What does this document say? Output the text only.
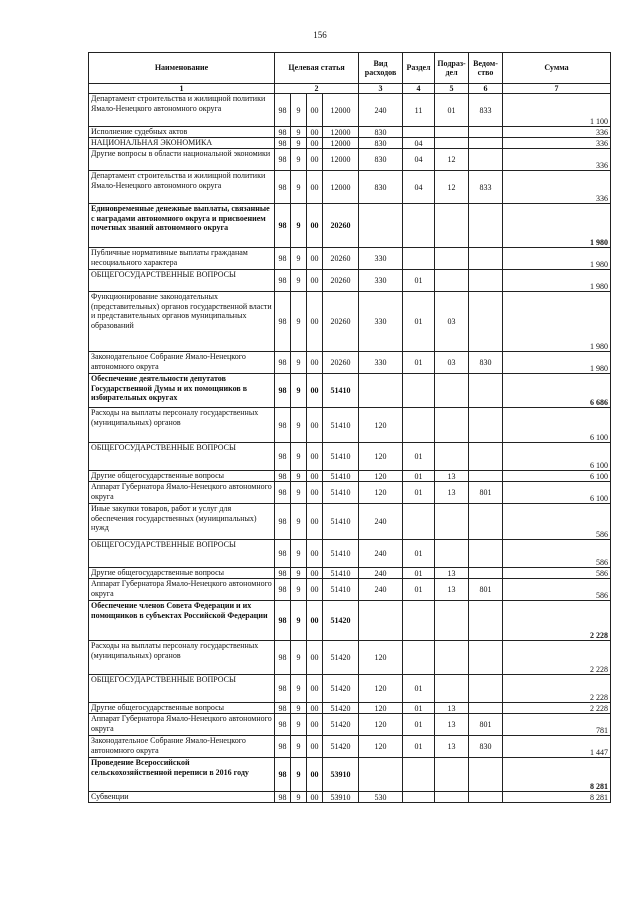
156
Наименование	Целевая статья				Вид расходов	Раздел	Подраз-дел	Ведом-ство	Сумма
1	2				3	4	5	6	7
Департамент строительства и жилищной политики Ямало-Ненецкого автономного округа	98	9	00	12000	240	11	01	833	1 100
Исполнение судебных актов	98	9	00	12000	830				336
НАЦИОНАЛЬНАЯ ЭКОНОМИКА	98	9	00	12000	830	04			336
Другие вопросы в области национальной экономики	98	9	00	12000	830	04	12		336
Департамент строительства и жилищной политики Ямало-Ненецкого автономного округа	98	9	00	12000	830	04	12	833	336
Единовременные денежные выплаты, связанные с наградами автономного округа и присвоением почетных званий автономного округа	98	9	00	20260					1 980
Публичные нормативные выплаты гражданам несоциального характера	98	9	00	20260	330				1 980
ОБЩЕГОСУДАРСТВЕННЫЕ ВОПРОСЫ	98	9	00	20260	330	01			1 980
Функционирование законодательных (представительных) органов государственной власти и представительных органов муниципальных образований	98	9	00	20260	330	01	03		1 980
Законодательное Собрание Ямало-Ненецкого автономного округа	98	9	00	20260	330	01	03	830	1 980
Обеспечение деятельности депутатов Государственной Думы и их помощников в избирательных округах	98	9	00	51410					6 686
Расходы на выплаты персоналу государственных (муниципальных) органов	98	9	00	51410	120				6 100
ОБЩЕГОСУДАРСТВЕННЫЕ ВОПРОСЫ	98	9	00	51410	120	01			6 100
Другие общегосударственные вопросы	98	9	00	51410	120	01	13		6 100
Аппарат Губернатора Ямало-Ненецкого автономного округа	98	9	00	51410	120	01	13	801	6 100
Иные закупки товаров, работ и услуг для обеспечения государственных (муниципальных) нужд	98	9	00	51410	240				586
ОБЩЕГОСУДАРСТВЕННЫЕ ВОПРОСЫ	98	9	00	51410	240	01			586
Другие общегосударственные вопросы	98	9	00	51410	240	01	13		586
Аппарат Губернатора Ямало-Ненецкого автономного округа	98	9	00	51410	240	01	13	801	586
Обеспечение членов Совета Федерации и их помощников в субъектах Российской Федерации	98	9	00	51420					2 228
Расходы на выплаты персоналу государственных (муниципальных) органов	98	9	00	51420	120				2 228
ОБЩЕГОСУДАРСТВЕННЫЕ ВОПРОСЫ	98	9	00	51420	120	01			2 228
Другие общегосударственные вопросы	98	9	00	51420	120	01	13		2 228
Аппарат Губернатора Ямало-Ненецкого автономного округа	98	9	00	51420	120	01	13	801	781
Законодательное Собрание Ямало-Ненецкого автономного округа	98	9	00	51420	120	01	13	830	1 447
Проведение Всероссийской сельскохозяйственной переписи в 2016 году	98	9	00	53910					8 281
Субвенции	98	9	00	53910	530				8 281
